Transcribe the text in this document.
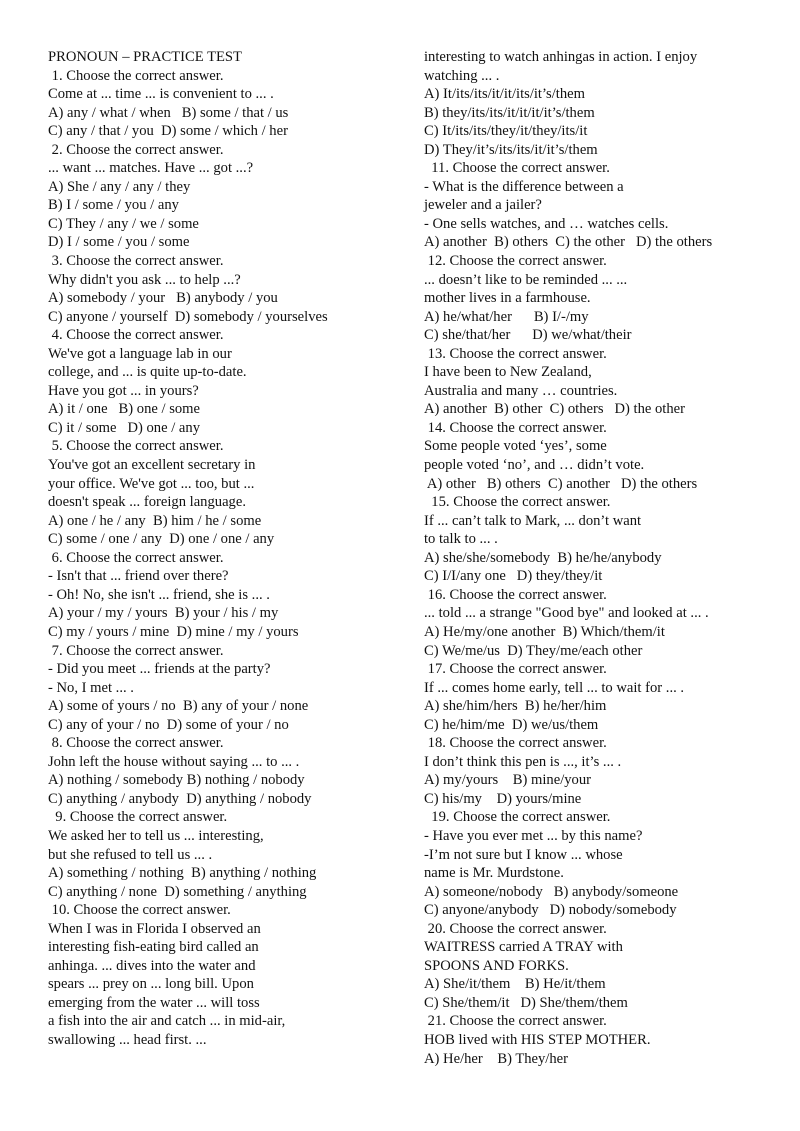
PRONOUN – PRACTICE TEST
1. Choose the correct answer.
Come at ... time ... is convenient to ... .
A) any / what / when   B) some / that / us
C) any / that / you  D) some / which / her
2. Choose the correct answer.
... want ... matches. Have ... got ...?
A) She / any / any / they
B) I / some / you / any
C) They / any / we / some
D) I / some / you / some
3. Choose the correct answer.
Why didn't you ask ... to help ...?
A) somebody / your   B) anybody / you
C) anyone / yourself  D) somebody / yourselves
4. Choose the correct answer.
We've got a language lab in our
college, and ... is quite up-to-date.
Have you got ... in yours?
A) it / one   B) one / some
C) it / some   D) one / any
5. Choose the correct answer.
You've got an excellent secretary in
your office. We've got ... too, but ...
doesn't speak ... foreign language.
A) one / he / any  B) him / he / some
C) some / one / any  D) one / one / any
6. Choose the correct answer.
- Isn't that ... friend over there?
- Oh! No, she isn't ... friend, she is ... .
A) your / my / yours  B) your / his / my
C) my / yours / mine  D) mine / my / yours
7. Choose the correct answer.
- Did you meet ... friends at the party?
- No, I met ... .
A) some of yours / no  B) any of your / none
C) any of your / no  D) some of your / no
8. Choose the correct answer.
John left the house without saying ... to ... .
A) nothing / somebody B) nothing / nobody
C) anything / anybody  D) anything / nobody
9. Choose the correct answer.
We asked her to tell us ... interesting,
but she refused to tell us ... .
A) something / nothing  B) anything / nothing
C) anything / none  D) something / anything
10. Choose the correct answer.
When I was in Florida I observed an
interesting fish-eating bird called an
anhinga. ... dives into the water and
spears ... prey on ... long bill. Upon
emerging from the water ... will toss
a fish into the air and catch ... in mid-air,
swallowing ... head first. ...
interesting to watch anhingas in action. I enjoy
watching ... .
A) It/its/its/it/it/its/it’s/them
B) they/its/its/it/it/it/it’s/them
C) It/its/its/they/it/they/its/it
D) They/it’s/its/its/it/it’s/them
11. Choose the correct answer.
- What is the difference between a
jeweler and a jailer?
- One sells watches, and … watches cells.
A) another  B) others  C) the other   D) the others
12. Choose the correct answer.
... doesn’t like to be reminded ... ...
mother lives in a farmhouse.
A) he/what/her      B) I/-/my
C) she/that/her      D) we/what/their
13. Choose the correct answer.
I have been to New Zealand,
Australia and many … countries.
A) another  B) other  C) others   D) the other
14. Choose the correct answer.
Some people voted ‘yes’, some
people voted ‘no’, and … didn’t vote.
A) other   B) others  C) another   D) the others
15. Choose the correct answer.
If ... can’t talk to Mark, ... don’t want
to talk to ... .
A) she/she/somebody  B) he/he/anybody
C) I/I/any one   D) they/they/it
16. Choose the correct answer.
... told ... a strange "Good bye" and looked at ... .
A) He/my/one another  B) Which/them/it
C) We/me/us  D) They/me/each other
17. Choose the correct answer.
If ... comes home early, tell ... to wait for ... .
A) she/him/hers  B) he/her/him
C) he/him/me  D) we/us/them
18. Choose the correct answer.
I don’t think this pen is ..., it’s ... .
A) my/yours    B) mine/your
C) his/my    D) yours/mine
19. Choose the correct answer.
- Have you ever met ... by this name?
-I’m not sure but I know ... whose
name is Mr. Murdstone.
A) someone/nobody   B) anybody/someone
C) anyone/anybody   D) nobody/somebody
20. Choose the correct answer.
WAITRESS carried A TRAY with
SPOONS AND FORKS.
A) She/it/them    B) He/it/them
C) She/them/it   D) She/them/them
21. Choose the correct answer.
HOB lived with HIS STEP MOTHER.
A) He/her    B) They/her
